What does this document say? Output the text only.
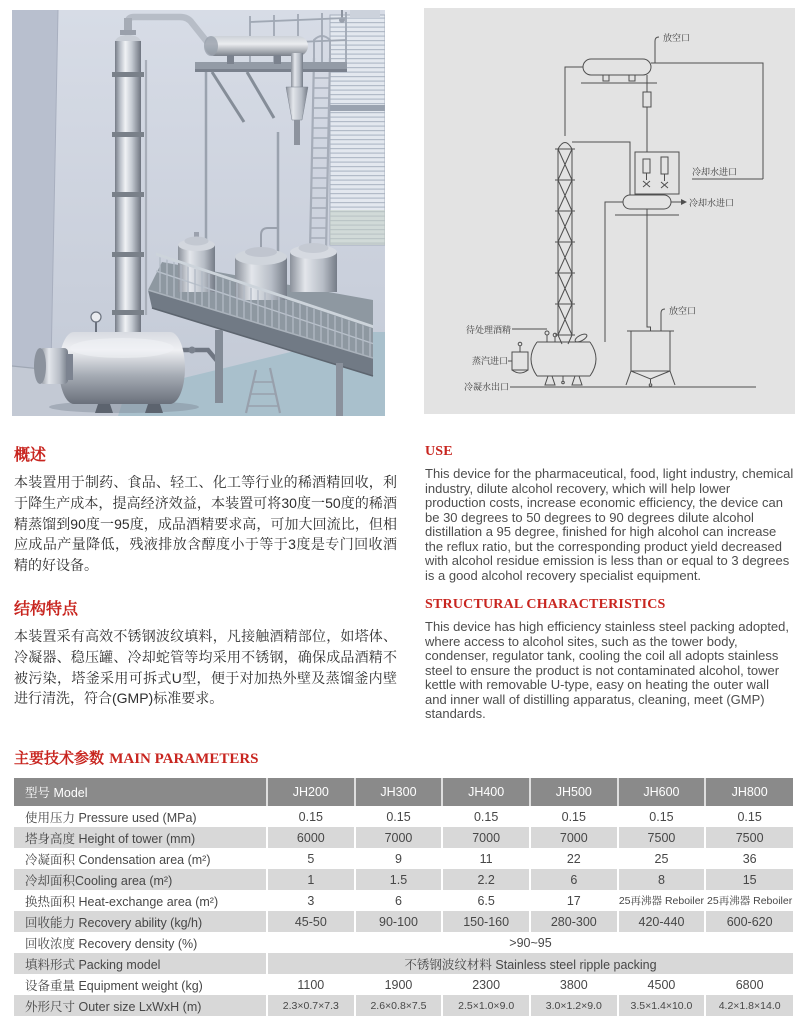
放空口
冷却水进口
冷却水进口
放空口
待处理酒精
蒸汽进口
冷凝水出口
概述

本装置用于制药、食品、轻工、化工等行业的稀酒精回收，利于降生产成本，提高经济效益，本装置可将30度一50度的稀酒精蒸馏到90度一95度，成品酒精要求高，可加大回流比，但相应成品产量降低，残液排放含醇度小于等于3度是专门回收酒精的好设备。

结构特点

本装置采有高效不锈钢波纹填料，凡接触酒精部位，如塔体、冷凝器、稳压罐、冷却蛇管等均采用不锈钢，确保成品酒精不被污染，塔釜采用可拆式U型，便于对加热外壁及蒸馏釜内壁进行清洗，符合(GMP)标准要求。

USE

This device for the pharmaceutical, food, light industry, chemical industry, dilute alcohol recovery, which will help lower production costs, increase economic efficiency, the device can be 30 degrees to 50 degrees to 90 degrees dilute alcohol distillation a 95 degree, finished for high alcohol can increase the reflux ratio, but the corresponding product yield decreased with alcohol residue emission is less than or equal to 3 degrees is a good alcohol recovery specialist equipment.

STRUCTURAL CHARACTERISTICS

This device has high efficiency stainless steel packing adopted, where access to alcohol sites, such as the tower body, condenser, regulator tank, cooling the coil all adopts stainless steel to ensure the product is not contaminated alcohol, tower kettle with removable U-type, easy on heating the outer wall and inner wall of distilling apparatus, cleaning, meet (GMP) standards.

主要技术参数 MAIN PARAMETERS
型号 Model	JH200	JH300	JH400	JH500	JH600	JH800
使用压力 Pressure used (MPa)	0.15	0.15	0.15	0.15	0.15	0.15
塔身高度 Height of tower (mm)	6000	7000	7000	7000	7500	7500
冷凝面积 Condensation area (m²)	5	9	11	22	25	36
冷却面积Cooling area (m²)	1	1.5	2.2	6	8	15
换热面积 Heat-exchange area (m²)	3	6	6.5	17	25再沸器 Reboiler	25再沸器 Reboiler
回收能力 Recovery ability (kg/h)	45-50	90-100	150-160	280-300	420-440	600-620
回收浓度 Recovery density (%)	>90~95					
填料形式 Packing model	不锈钢波纹材料 Stainless steel ripple packing					
设备重量 Equipment weight (kg)	1100	1900	2300	3800	4500	6800
外形尺寸 Outer size LxWxH (m)	2.3×0.7×7.3	2.6×0.8×7.5	2.5×1.0×9.0	3.0×1.2×9.0	3.5×1.4×10.0	4.2×1.8×14.0
